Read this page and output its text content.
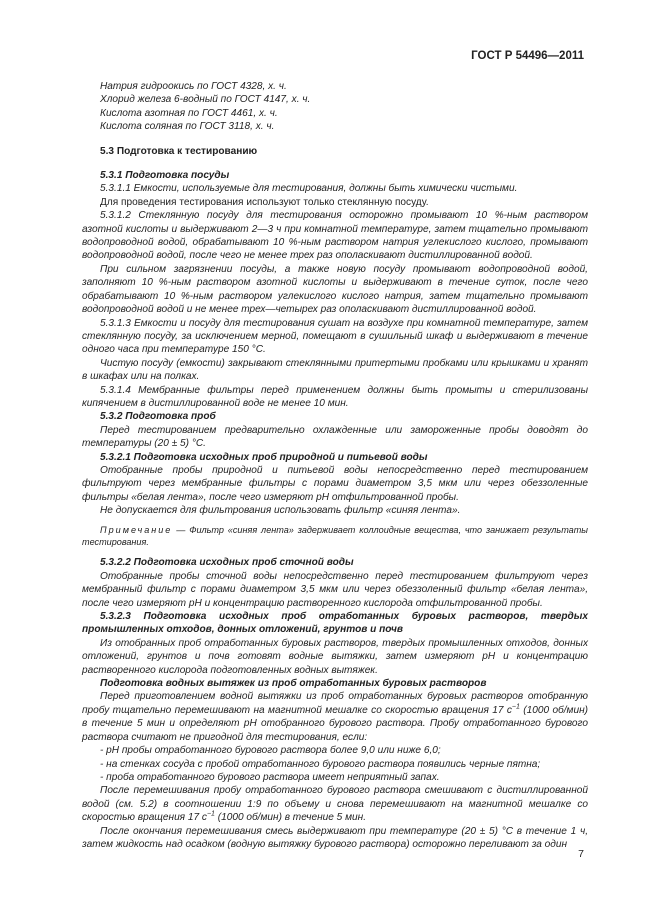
ГОСТ Р 54496—2011

Натрия гидроокись по ГОСТ 4328, х. ч.

Хлорид железа 6-водный по ГОСТ 4147, х. ч.

Кислота азотная по ГОСТ 4461, х. ч.

Кислота соляная по ГОСТ 3118, х. ч.

5.3 Подготовка к тестированию

5.3.1 Подготовка посуды

5.3.1.1 Емкости, используемые для тестирования, должны быть химически чистыми.

Для проведения тестирования используют только стеклянную посуду.

5.3.1.2 Стеклянную посуду для тестирования осторожно промывают 10 %-ным раствором азотной кислоты и выдерживают 2—3 ч при комнатной температуре, затем тщательно промывают водопроводной водой, обрабатывают 10 %-ным раствором натрия углекислого кислого, промывают водопроводной водой, после чего не менее трех раз ополаскивают дистиллированной водой.

При сильном загрязнении посуды, а также новую посуду промывают водопроводной водой, заполняют 10 %-ным раствором азотной кислоты и выдерживают в течение суток, после чего обрабатывают 10 %-ным раствором углекислого кислого натрия, затем тщательно промывают водопроводной водой и не менее трех—четырех раз ополаскивают дистиллированной водой.

5.3.1.3 Емкости и посуду для тестирования сушат на воздухе при комнатной температуре, затем стеклянную посуду, за исключением мерной, помещают в сушильный шкаф и выдерживают в течение одного часа при температуре 150 °С.

Чистую посуду (емкости) закрывают стеклянными притертыми пробками или крышками и хранят в шкафах или на полках.

5.3.1.4 Мембранные фильтры перед применением должны быть промыты и стерилизованы кипячением в дистиллированной воде не менее 10 мин.

5.3.2 Подготовка проб

Перед тестированием предварительно охлажденные или замороженные пробы доводят до температуры (20 ± 5) °С.

5.3.2.1 Подготовка исходных проб природной и питьевой воды

Отобранные пробы природной и питьевой воды непосредственно перед тестированием фильтруют через мембранные фильтры с порами диаметром 3,5 мкм или через обеззоленные фильтры «белая лента», после чего измеряют рН отфильтрованной пробы.

Не допускается для фильтрования использовать фильтр «синяя лента».

Примечание — Фильтр «синяя лента» задерживает коллоидные вещества, что занижает результаты тестирования.

5.3.2.2 Подготовка исходных проб сточной воды

Отобранные пробы сточной воды непосредственно перед тестированием фильтруют через мембранный фильтр с порами диаметром 3,5 мкм или через обеззоленный фильтр «белая лента», после чего измеряют рН и концентрацию растворенного кислорода отфильтрованной пробы.

5.3.2.3 Подготовка исходных проб отработанных буровых растворов, твердых промышленных отходов, донных отложений, грунтов и почв

Из отобранных проб отработанных буровых растворов, твердых промышленных отходов, донных отложений, грунтов и почв готовят водные вытяжки, затем измеряют рН и концентрацию растворенного кислорода подготовленных водных вытяжек.

Подготовка водных вытяжек из проб отработанных буровых растворов

Перед приготовлением водной вытяжки из проб отработанных буровых растворов отобранную пробу тщательно перемешивают на магнитной мешалке со скоростью вращения 17 $с^{-1}$ (1000 об/мин) в течение 5 мин и определяют рН отобранного бурового раствора. Пробу отработанного бурового раствора считают не пригодной для тестирования, если:

- рН пробы отработанного бурового раствора более 9,0 или ниже 6,0;

- на стенках сосуда с пробой отработанного бурового раствора появились черные пятна;

- проба отработанного бурового раствора имеет неприятный запах.

После перемешивания пробу отработанного бурового раствора смешивают с дистиллированной водой (см. 5.2) в соотношении 1:9 по объему и снова перемешивают на магнитной мешалке со скоростью вращения 17 $с^{-1}$ (1000 об/мин) в течение 5 мин.

После окончания перемешивания смесь выдерживают при температуре (20 ± 5) °С в течение 1 ч, затем жидкость над осадком (водную вытяжку бурового раствора) осторожно переливают за один

7
